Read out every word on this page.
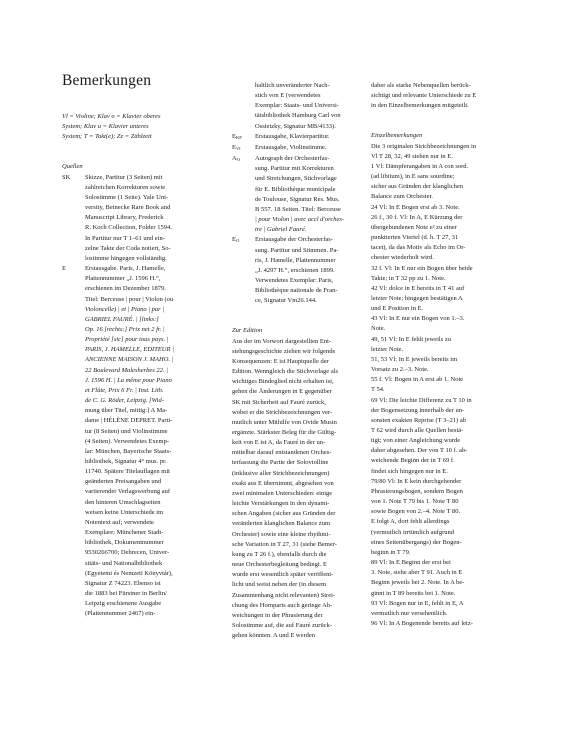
Bemerkungen
Vl = Violine; Klav o = Klavier oberes
System; Klav u = Klavier unteres
System; T = Takt(e); Zz = Zählzeit
Quellen
SK	Skizze, Partitur (3 Seiten) mit
zahlreichen Korrekturen sowie
Solostimme (1 Seite). Yale Uni-
versity, Beinecke Rare Book and
Manuscript Library, Frederick
R. Koch Collection, Folder 1594.
In Partitur nur T 1–61 und ein-
zelne Takte der Coda notiert, So-
lostimme hingegen vollständig.
E	Erstausgabe. Paris, J. Hamelle,
Plattennummer „J. 1596 H.“,
erschienen im Dezember 1879.
Titel: Berceuse | pour | Violon (ou
Violoncelle) | et | Piano | par |
GABRIEL FAURÉ. | [links:]
Op. 16 [rechts:] Prix net 2 fr. |
Propriété [sic] pour tous pays. |
PARIS, J. HAMELLE, EDITEUR |
ANCIENNE MAISON J. MAHO. |
22 Boulevard Malesherbes 22. |
J. 1596 H. | La même pour Piano
et Flûte, Prix 6 Fr. | Inst. Lith.
de C. G. Röder, Leipzig. [Wid-
mung über Titel, mittig:] A Ma-
dame | HÉLÈNE DEPRET. Parti-
tur (8 Seiten) und Violinstimme
(4 Seiten). Verwendetes Exemp-
lar: München, Bayerische Staats-
bibliothek, Signatur 4° mus. pr.
11740. Spätere Titelauflagen mit
geänderten Preisangaben und
variierender Verlagswerbung auf
den hinteren Umschlagseiten
weisen keine Unterschiede im
Notentext auf; verwendete
Exemplare: Münchener Stadt-
bibliothek, Dokumentnummer
9530266700; Debrecen, Univer-
sitäts- und Nationalbibliothek
(Egyetemi és Nemzeti Könyvtár),
Signatur Z 74223. Ebenso ist
die 1883 bei Fürstner in Berlin/
Leipzig erschienene Ausgabe
(Plattennummer 2467) ein-
haltlich unveränderter Nach-
stich von E (verwendetes
Exemplar: Staats- und Universi-
tätsbibliothek Hamburg Carl von
Ossietzky, Signatur MB/4133).
$E_{KP}$	Erstausgabe, Klavierpartitur.
$E_{Vl}$	Erstausgabe, Violinstimme.
$A_O$	Autograph der Orchesterfas-
sung. Partitur mit Korrekturen
und Streichungen, Stichvorlage
für E. Bibliothèque municipale
de Toulouse, Signatur Res. Mus.
B 557. 18 Seiten. Titel: Berceuse
| pour Violon | avec accl d'orches-
tre | Gabriel Fauré.
$E_O$	Erstausgabe der Orchesterfas-
sung. Partitur und Stimmen. Pa-
ris, J. Hamelle, Plattennummer
„J. 4297 H.“, erschienen 1899.
Verwendetes Exemplar: Paris,
Bibliothèque nationale de Fran-
ce, Signatur Vm26.144.
Zur Edition
Aus der im Vorwort dargestellten Ent-
stehungsgeschichte ziehen wir folgende
Konsequenzen: E ist Hauptquelle der
Edition. Wenngleich die Stichvorlage als
wichtiges Bindeglied nicht erhalten ist,
gehen die Änderungen in E gegenüber
SK mit Sicherheit auf Fauré zurück,
wobei er die Strichbezeichnungen ver-
mutlich unter Mithilfe von Ovide Musin
ergänzte. Stärkster Beleg für die Gültig-
keit von E ist A, da Fauré in der un-
mittelbar darauf entstandenen Orches-
terfassung die Partie der Soloviolline
(inklusive aller Strichbezeichnungen)
exakt aus E übernimmt, abgesehen von
zwei minimalen Unterschieden: einige
leichte Verstärkungen in den dynami-
schen Angaben (sicher aus Gründen der
veränderten klanglichen Balance zum
Orchester) sowie eine kleine rhythmi-
sche Variation in T 27, 31 (siehe Bemer-
kung zu T 26 f.), ebenfalls durch die
neue Orchesterbegleitung bedingt. E
wurde erst wesentlich später veröffent-
licht und weist neben der (in diesem
Zusammenhang nicht relevanten) Strei-
chung des Hornparts auch geringe Ab-
weichungen in der Phrasierung der
Solostimme auf, die auf Fauré zurück-
gehen könnten. A und E werden
daher als starke Nebenquellen berück-
sichtigt und relevante Unterschiede zu E
in den Einzelbemerkungen mitgeteilt.
Einzelbemerkungen
Die 3 originalen Strichbezeichnungen in
Vl T 28, 32, 49 stehen nur in E.
1 Vl: Dämpferangaben in A con sord.
(ad libitum), in E sans sourdine;
sicher aus Gründen der klanglichen
Balance zum Orchester.
24 Vl: In E Bogen erst ab 3. Note.
26 f., 30 f. Vl: In A, E Kürzung der
übergebundenen Note e² zu einer
punktierten Viertel (d. h. T 27, 31
tacet), da das Motiv als Echo im Or-
chester wiederholt wird.
32 f. Vl: In E nur ein Bogen über beide
Takte; in T 32 pp zu 1. Note.
42 Vl: dolce in E bereits in T 41 auf
letzter Note; hingegen bestätigen A
und E Position in E.
43 Vl: In E nur ein Bogen von 1.–3.
Note.
49, 51 Vl: In E fehlt jeweils zu
letzter Note.
51, 53 Vl: In E jeweils bereits im
Vorsatz zu 2.–3. Note.
55 f. Vl: Bogen in A erst ab 1. Note
T 54.
69 Vl: Die leichte Differenz zu T 10 in
der Bogensetzung innerhalb der un-
sonsten exakten Reprise (T 3–21) ab
T 62 wird durch alle Quellen bestä-
tigt; von einer Angleichung wurde
daher abgesehen. Der von T 10 f. ab-
weichende Beginn der in T 69 f.
findet sich hingegen nur in E.
79/80 Vl: In E kein durchgehender
Phrasierungsbogen, sondern Bogen
von 1. Note T 79 bis 1. Note T 80
sowie Bogen von 2.–4. Note T 80.
E folgt A, dort fehlt allerdings
(vermutlich irrtümlich aufgrund
eines Seitenübergangs) der Bogen-
beginn in T 79.
89 Vl: In E Beginn der erst bei
3. Note, siehe aber T 91. Auch in E
Beginn jeweils bei 2. Note. In A be-
ginnt in T 89 bereits bei 1. Note.
93 Vl: Bogen nur in E, fehlt in E, A
vermutlich nur versehentlich.
96 Vl: In A Bogenende bereits auf letz-
